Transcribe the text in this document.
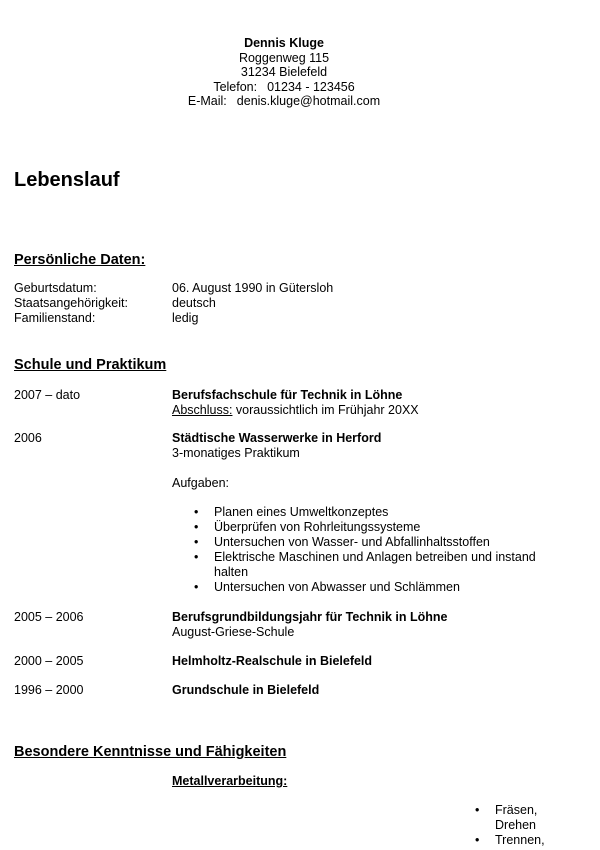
Dennis Kluge
Roggenweg 115
31234 Bielefeld
Telefon: 01234 - 123456
E-Mail: denis.kluge@hotmail.com
Lebenslauf
Persönliche Daten:
Geburtsdatum:	06. August 1990 in Gütersloh
Staatsangehörigkeit:	deutsch
Familienstand:	ledig
Schule und Praktikum
2007 – dato	Berufsfachschule für Technik in Löhne
Abschluss: voraussichtlich im Frühjahr 20XX
2006	Städtische Wasserwerke in Herford
3-monatiges Praktikum
Aufgaben:
• Planen eines Umweltkonzeptes
• Überprüfen von Rohrleitungssysteme
• Untersuchen von Wasser- und Abfallinhaltsstoffen
• Elektrische Maschinen und Anlagen betreiben und instand halten
• Untersuchen von Abwasser und Schlämmen
2005 – 2006	Berufsgrundbildungsjahr für Technik in Löhne
August-Griese-Schule
2000 – 2005	Helmholtz-Realschule in Bielefeld
1996 – 2000	Grundschule in Bielefeld
Besondere Kenntnisse und Fähigkeiten
Metallverarbeitung:
• Fräsen, Drehen
• Trennen,
